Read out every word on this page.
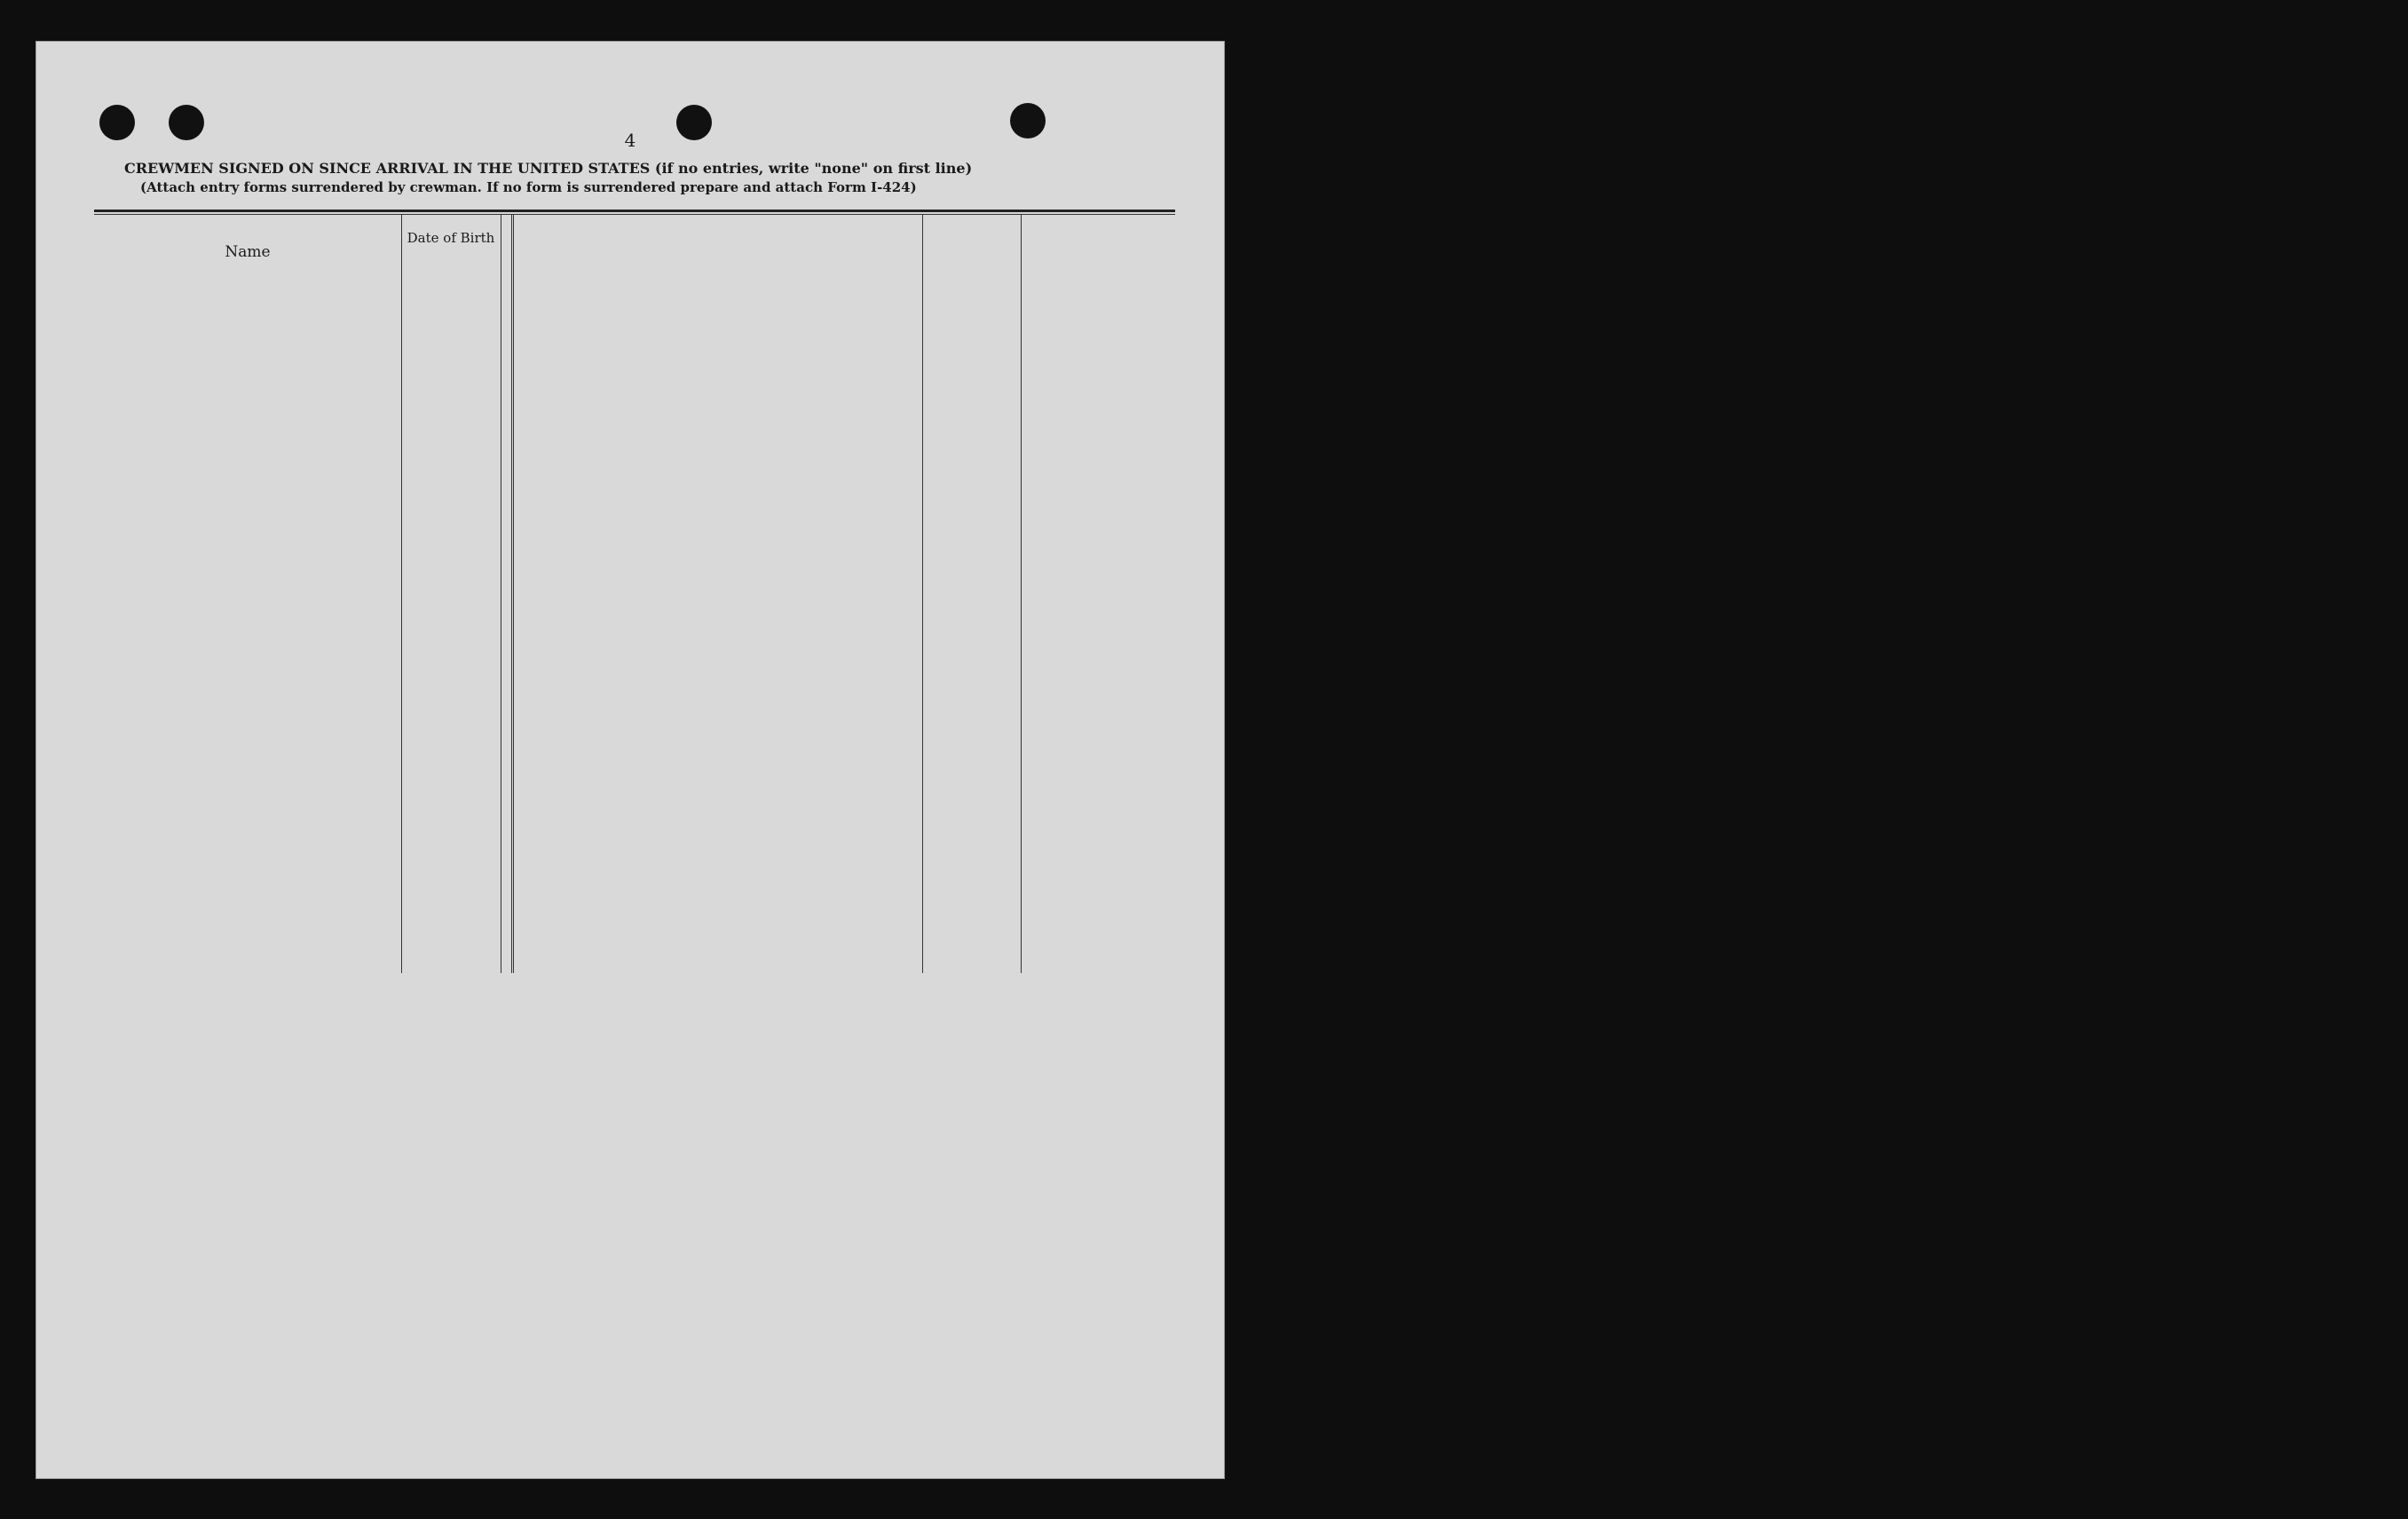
4
CREWMEN SIGNED ON SINCE ARRIVAL IN THE UNITED STATES (if no entries, write "none" on first line)
(Attach entry forms surrendered by crewman. If no form is surrendered prepare and attach Form I-424)
Name
Date of Birth
